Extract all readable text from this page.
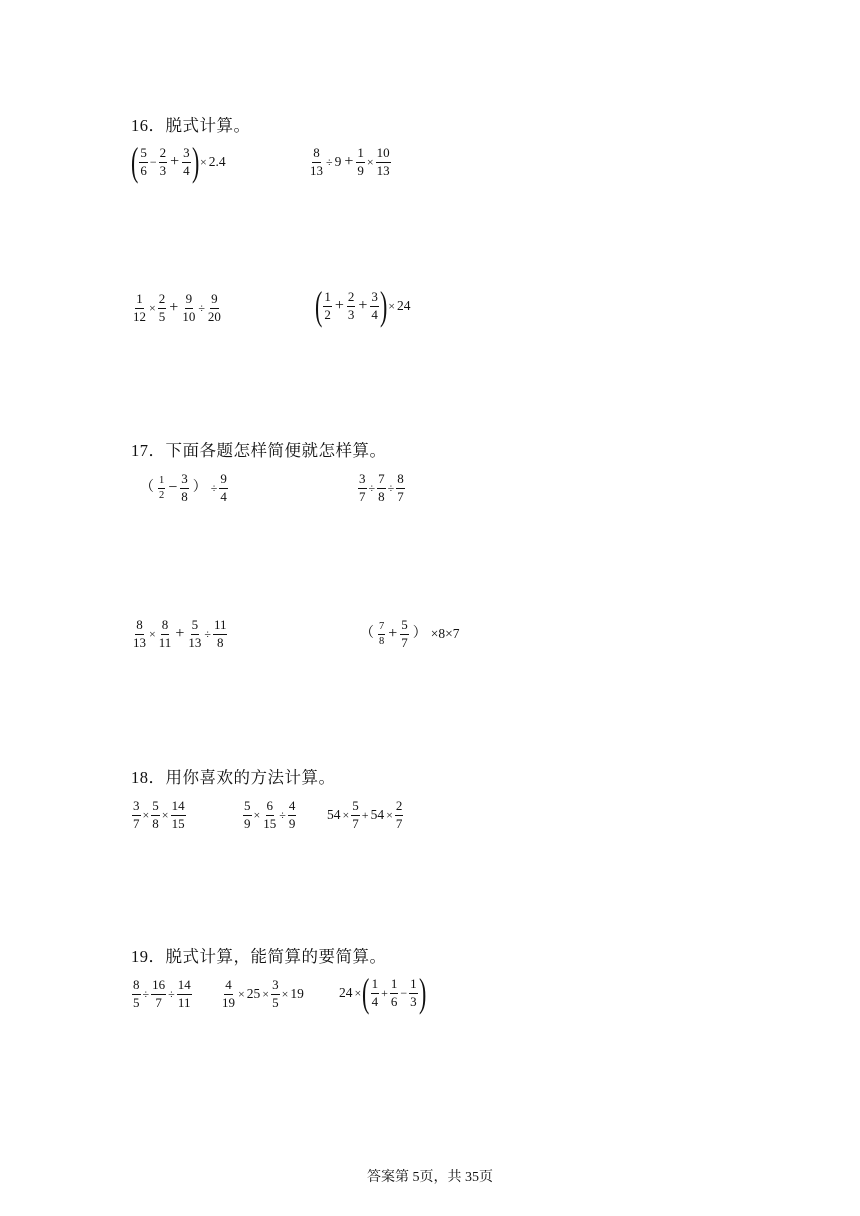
16．脱式计算。
( $\frac{5}{6} - \frac{2}{3} + \frac{3}{4}$ ) × 2.4	$\frac{8}{13} \div 9 + \frac{1}{9} \times \frac{10}{13}$
$\frac{1}{12} \times \frac{2}{5} + \frac{9}{10} \div \frac{9}{20}$ ( $\frac{1}{2} + \frac{2}{3} + \frac{3}{4}$ ) × 24
17．下面各题怎样简便就怎样算。
（ $\frac{1}{2} - \frac{3}{8}$ ） ÷ $\frac{9}{4}$	$\frac{3}{7} \div \frac{7}{8} \div \frac{8}{7}$
$\frac{8}{13} \times \frac{8}{11} + \frac{5}{13} \div \frac{11}{8}$	（ $\frac{7}{8} + \frac{5}{7}$ ） ×8×7
18．用你喜欢的方法计算。
$\frac{3}{7} \times \frac{5}{8} \times \frac{14}{15}$	$\frac{5}{9} \times \frac{6}{15} \div \frac{4}{9} 54 \times \frac{5}{7} + 54 \times \frac{2}{7}$
19．脱式计算，能简算的要简算。
$\frac{8}{5} \div \frac{16}{7} \div \frac{14}{11} \frac{4}{19} \times 25 \times \frac{3}{5} \times 19$	24 × ( $\frac{1}{4} + \frac{1}{6} - \frac{1}{3}$ )
答案第 5页，共 35页
